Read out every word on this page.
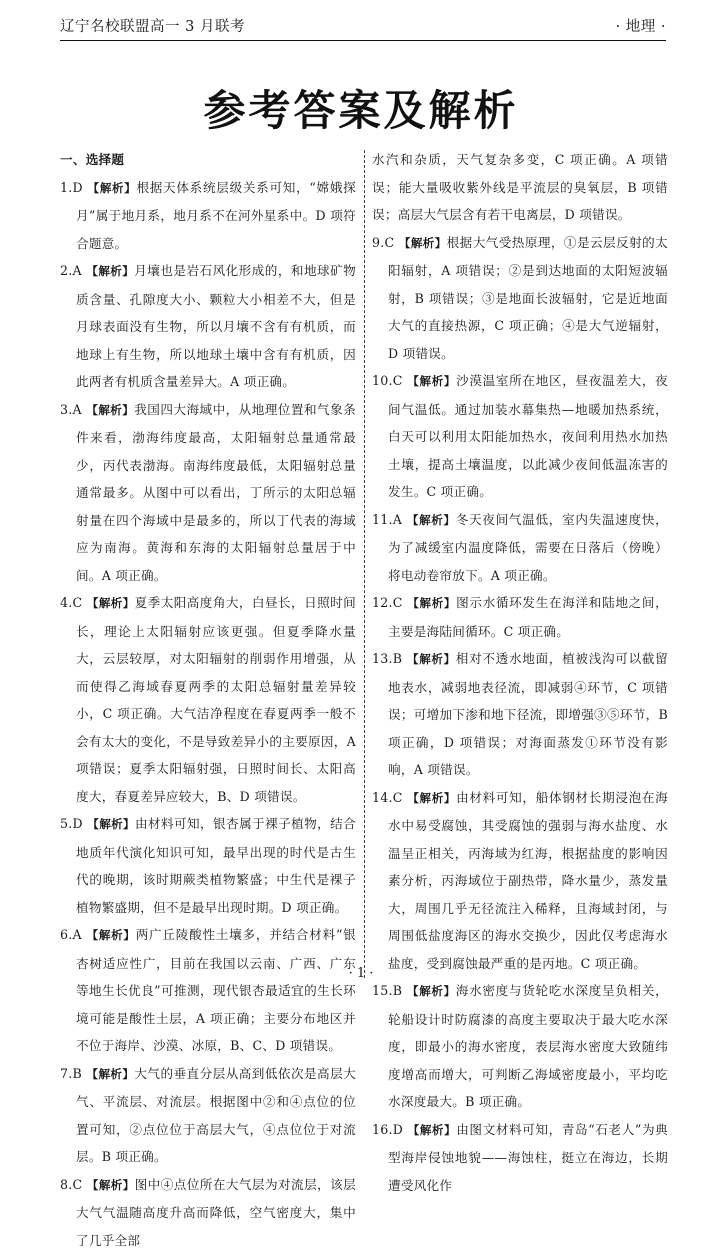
辽宁名校联盟高一 3 月联考	· 地理 ·
参考答案及解析
一、选择题
1.D 【解析】根据天体系统层级关系可知，“嫦娥探月”属于地月系，地月系不在河外星系中。D 项符合题意。
2.A 【解析】月壤也是岩石风化形成的，和地球矿物质含量、孔隙度大小、颗粒大小相差不大，但是月球表面没有生物，所以月壤不含有有机质，而地球上有生物，所以地球土壤中含有有机质，因此两者有机质含量差异大。A 项正确。
3.A 【解析】我国四大海域中，从地理位置和气象条件来看，渤海纬度最高，太阳辐射总量通常最少，丙代表渤海。南海纬度最低，太阳辐射总量通常最多。从图中可以看出，丁所示的太阳总辐射量在四个海域中是最多的，所以丁代表的海域应为南海。黄海和东海的太阳辐射总量居于中间。A 项正确。
4.C 【解析】夏季太阳高度角大，白昼长，日照时间长，理论上太阳辐射应该更强。但夏季降水量大，云层较厚，对太阳辐射的削弱作用增强，从而使得乙海域春夏两季的太阳总辐射量差异较小，C 项正确。大气洁净程度在春夏两季一般不会有太大的变化，不是导致差异小的主要原因，A 项错误；夏季太阳辐射强，日照时间长、太阳高度大，春夏差异应较大，B、D 项错误。
5.D 【解析】由材料可知，银杏属于裸子植物，结合地质年代演化知识可知，最早出现的时代是古生代的晚期，该时期蕨类植物繁盛；中生代是裸子植物繁盛期，但不是最早出现时期。D 项正确。
6.A 【解析】两广丘陵酸性土壤多，并结合材料“银杏树适应性广，目前在我国以云南、广西、广东等地生长优良”可推测，现代银杏最适宜的生长环境可能是酸性土层，A 项正确；主要分布地区并不位于海岸、沙漠、冰原，B、C、D 项错误。
7.B 【解析】大气的垂直分层从高到低依次是高层大气、平流层、对流层。根据图中②和④点位的位置可知，②点位位于高层大气，④点位位于对流层。B 项正确。
8.C 【解析】图中④点位所在大气层为对流层，该层大气气温随高度升高而降低，空气密度大，集中了几乎全部
水汽和杂质，天气复杂多变，C 项正确。A 项错误；能大量吸收紫外线是平流层的臭氧层，B 项错误；高层大气层含有若干电离层，D 项错误。
9.C 【解析】根据大气受热原理，①是云层反射的太阳辐射，A 项错误；②是到达地面的太阳短波辐射，B 项错误；③是地面长波辐射，它是近地面大气的直接热源，C 项正确；④是大气逆辐射，D 项错误。
10.C 【解析】沙漠温室所在地区，昼夜温差大，夜间气温低。通过加装水幕集热—地暖加热系统，白天可以利用太阳能加热水，夜间利用热水加热土壤，提高土壤温度，以此减少夜间低温冻害的发生。C 项正确。
11.A 【解析】冬天夜间气温低，室内失温速度快，为了减缓室内温度降低，需要在日落后（傍晚）将电动卷帘放下。A 项正确。
12.C 【解析】图示水循环发生在海洋和陆地之间，主要是海陆间循环。C 项正确。
13.B 【解析】相对不透水地面，植被浅沟可以截留地表水，减弱地表径流，即减弱④环节，C 项错误；可增加下渗和地下径流，即增强③⑤环节，B 项正确，D 项错误；对海面蒸发①环节没有影响，A 项错误。
14.C 【解析】由材料可知，船体钢材长期浸泡在海水中易受腐蚀，其受腐蚀的强弱与海水盐度、水温呈正相关，丙海域为红海，根据盐度的影响因素分析，丙海域位于副热带，降水量少，蒸发量大，周围几乎无径流注入稀释，且海域封闭，与周围低盐度海区的海水交换少，因此仅考虑海水盐度，受到腐蚀最严重的是丙地。C 项正确。
15.B 【解析】海水密度与货轮吃水深度呈负相关，轮船设计时防腐漆的高度主要取决于最大吃水深度，即最小的海水密度，表层海水密度大致随纬度增高而增大，可判断乙海域密度最小，平均吃水深度最大。B 项正确。
16.D 【解析】由图文材料可知，青岛“石老人”为典型海岸侵蚀地貌——海蚀柱，挺立在海边，长期遭受风化作
· 1 ·
